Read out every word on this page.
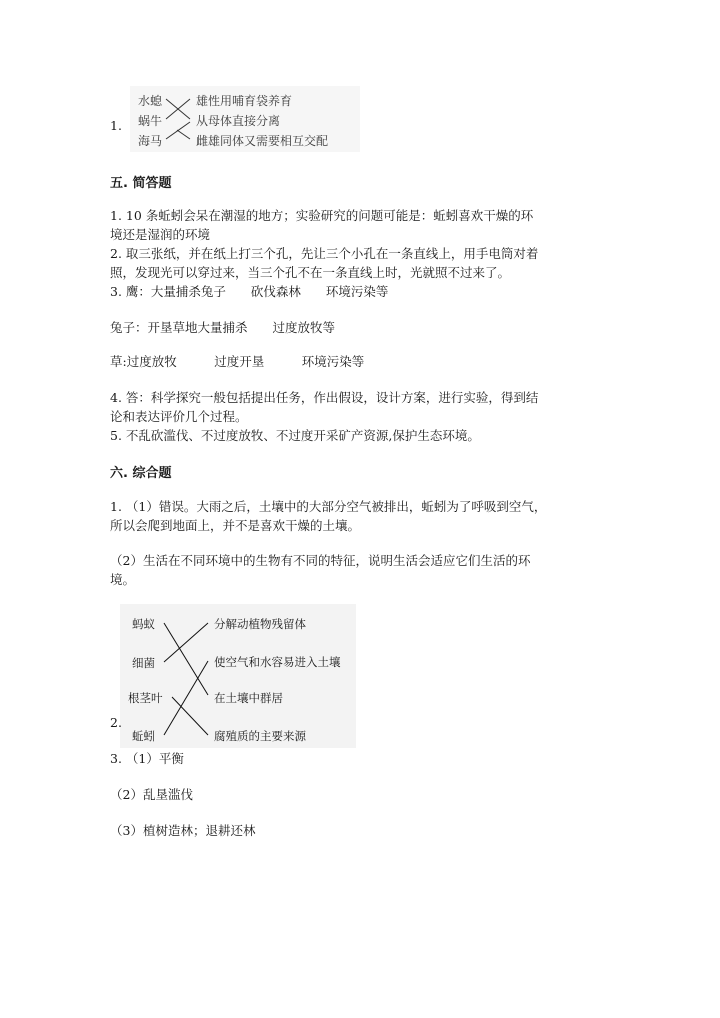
1.
水螅
蜗牛
海马
雄性用哺育袋养育
从母体直接分离
雌雄同体又需要相互交配
五. 简答题
1. 10 条蚯蚓会呆在潮湿的地方；实验研究的问题可能是：蚯蚓喜欢干燥的环
境还是湿润的环境
2. 取三张纸，并在纸上打三个孔，先让三个小孔在一条直线上，用手电筒对着
照，发现光可以穿过来，当三个孔不在一条直线上时，光就照不过来了。
3. 鹰：大量捕杀兔子　　砍伐森林　　环境污染等
兔子：开垦草地大量捕杀　　过度放牧等
草:过度放牧　　　过度开垦　　　环境污染等
4. 答：科学探究一般包括提出任务，作出假设，设计方案，进行实验，得到结
论和表达评价几个过程。
5. 不乱砍滥伐、不过度放牧、不过度开采矿产资源,保护生态环境。
六. 综合题
1. （1）错误。大雨之后，土壤中的大部分空气被排出，蚯蚓为了呼吸到空气，
所以会爬到地面上，并不是喜欢干燥的土壤。
（2）生活在不同环境中的生物有不同的特征，说明生活会适应它们生活的环
境。
蚂蚁
细菌
根茎叶
蚯蚓
分解动植物残留体
使空气和水容易进入土壤
在土壤中群居
腐殖质的主要来源
2.
3. （1）平衡
（2）乱垦滥伐
（3）植树造林；退耕还林
